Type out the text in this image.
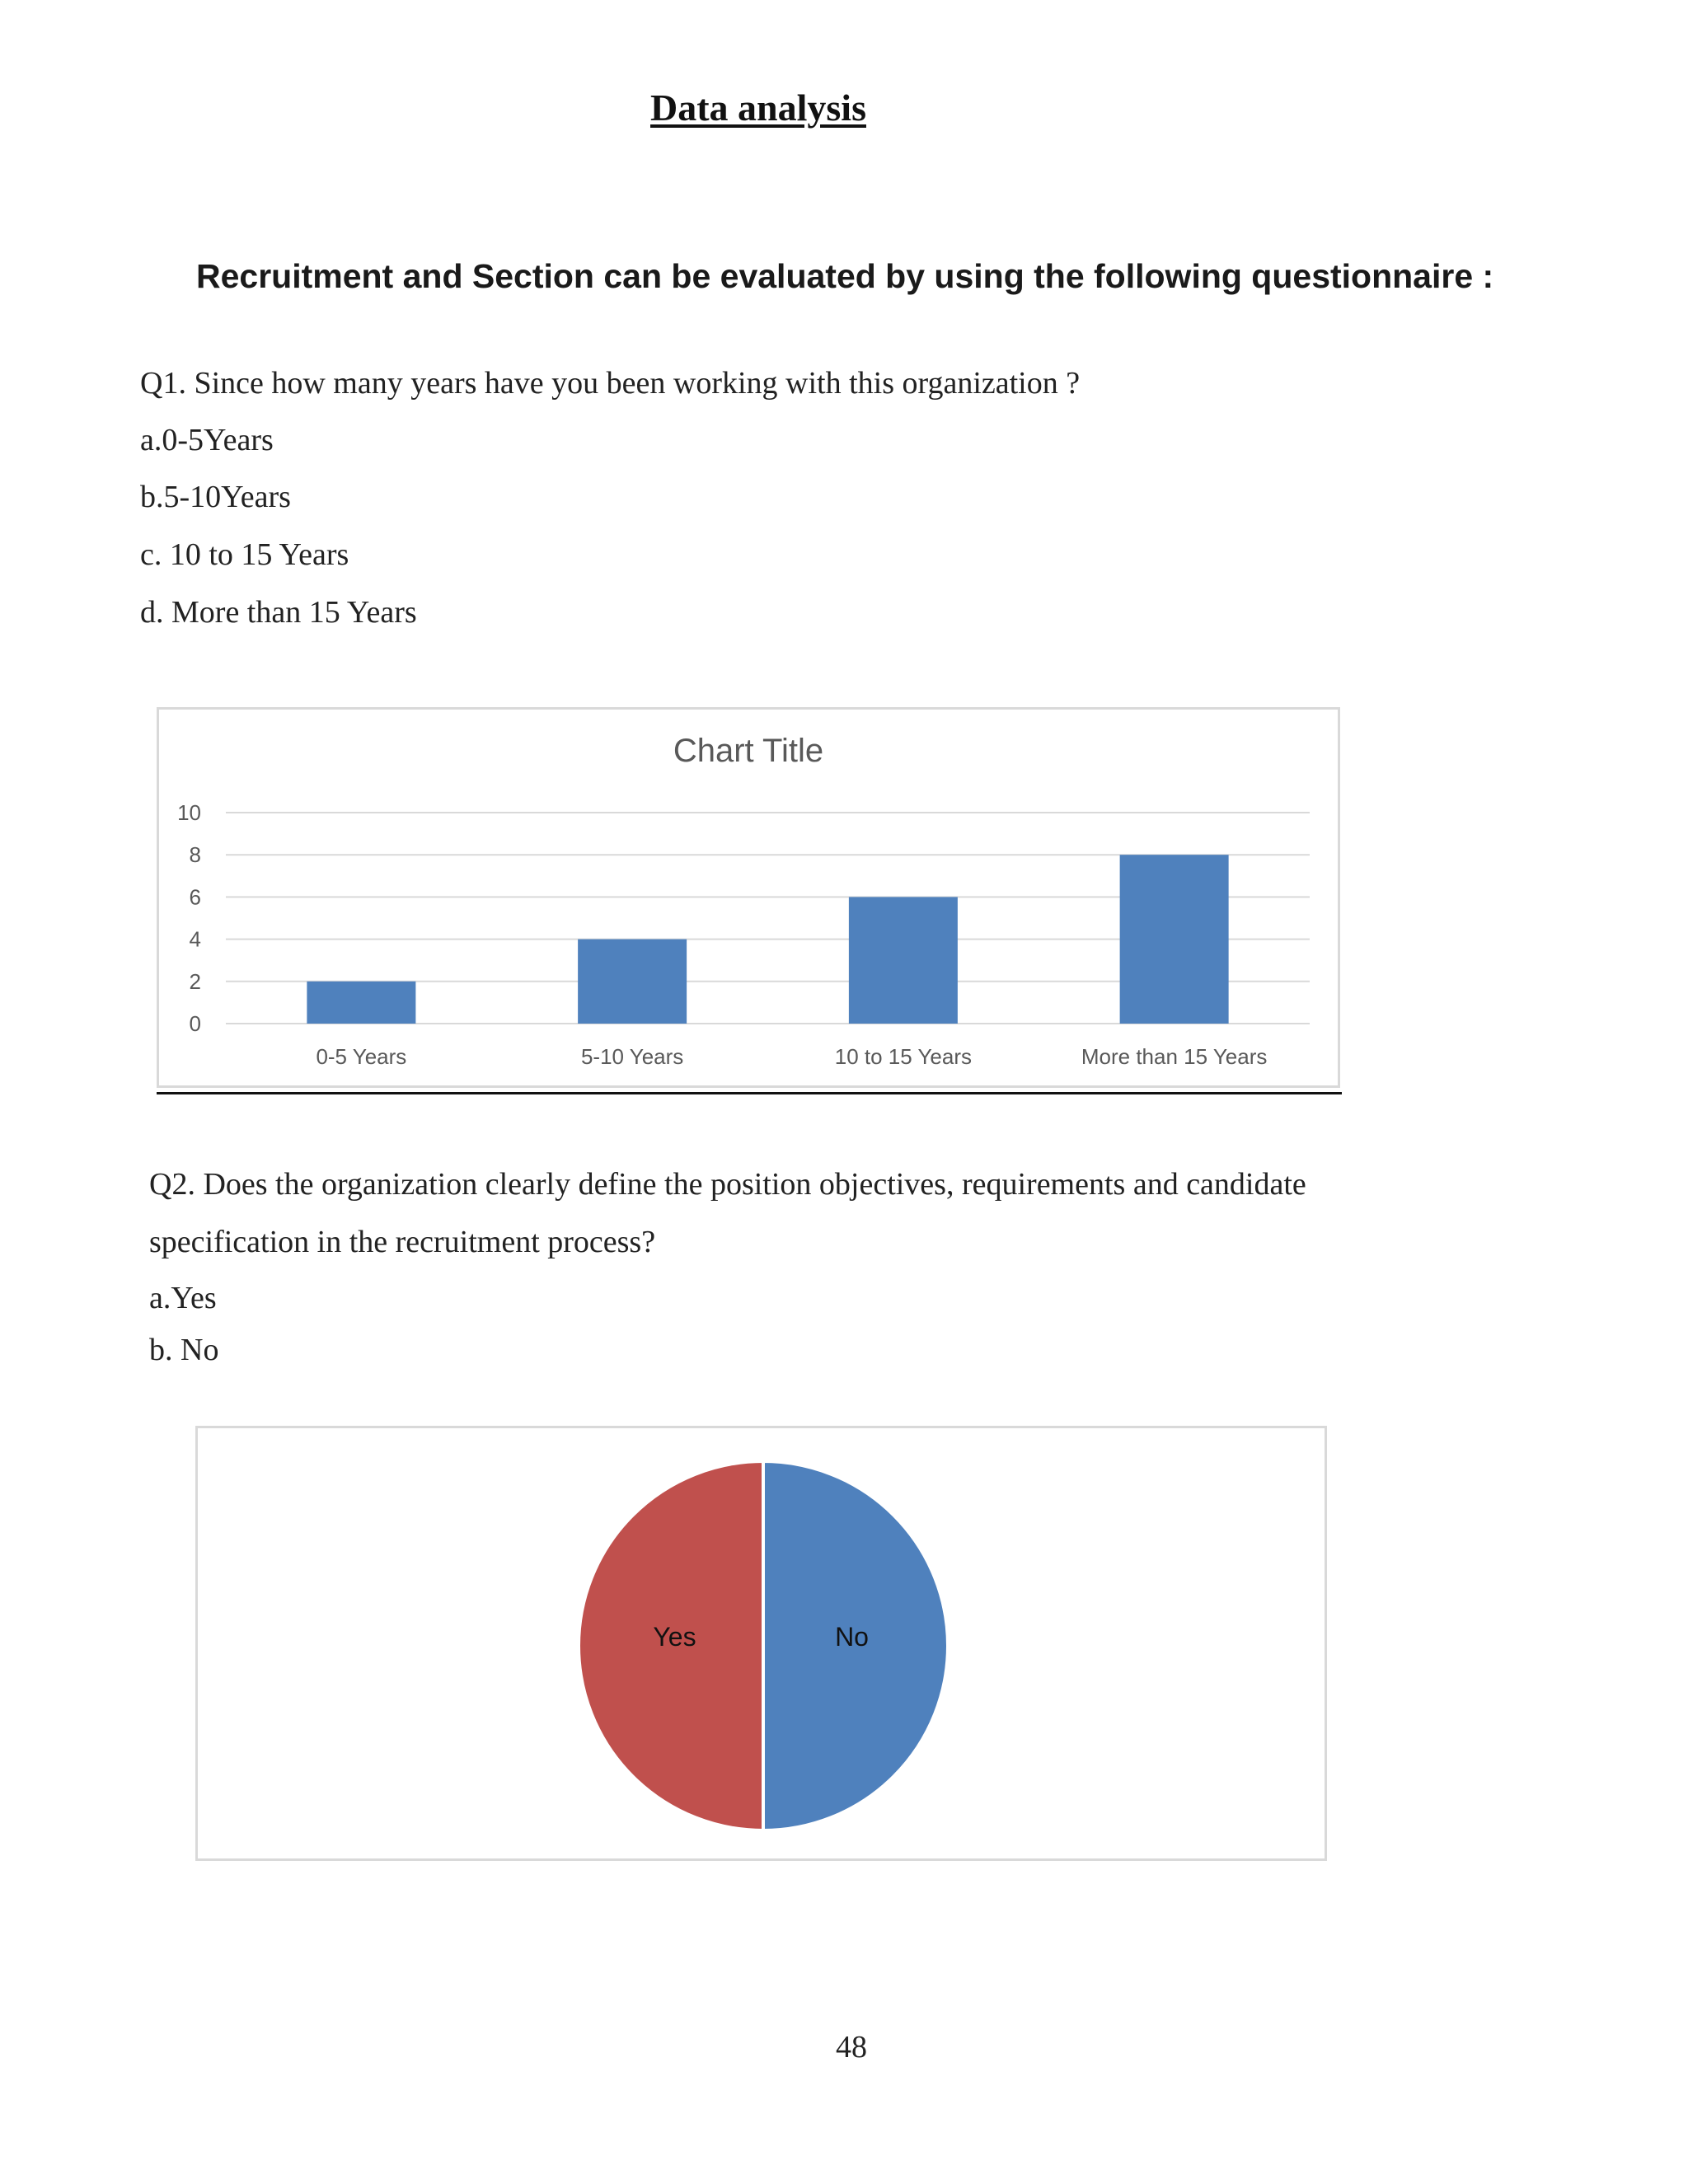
Data analysis
Recruitment and Section can be evaluated by using the following questionnaire :
Q1. Since how many years have you been working with this organization ?
a.0-5Years
b.5-10Years
c. 10 to 15 Years
d. More than 15 Years
Chart Title
0
2
4
6
8
10
0-5 Years	5-10 Years	10 to 15 Years	More than 15 Years
Q2. Does the organization clearly define the position objectives, requirements and candidate
specification in the recruitment process?
a.Yes
b. No
Yes	No
48
